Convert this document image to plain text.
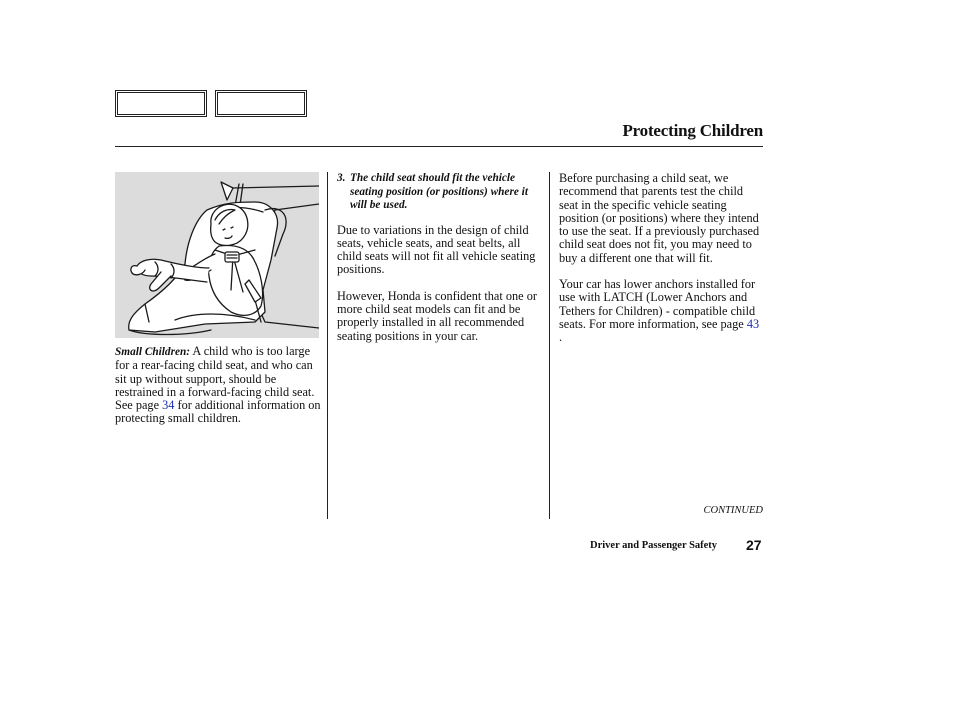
Protecting Children

Small Children: A child who is too large for a rear-facing child seat, and who can sit up without support, should be restrained in a forward-facing child seat. See page 34 for additional information on protecting small children.

3. The child seat should fit the vehicle seating position (or positions) where it will be used.

Due to variations in the design of child seats, vehicle seats, and seat belts, all child seats will not fit all vehicle seating positions.

However, Honda is confident that one or more child seat models can fit and be properly installed in all recommended seating positions in your car.

Before purchasing a child seat, we recommend that parents test the child seat in the specific vehicle seating position (or positions) where they intend to use the seat. If a previously purchased child seat does not fit, you may need to buy a different one that will fit.

Your car has lower anchors installed for use with LATCH (Lower Anchors and Tethers for Children) - compatible child seats. For more information, see page 43 .

CONTINUED
Driver and Passenger Safety 27
